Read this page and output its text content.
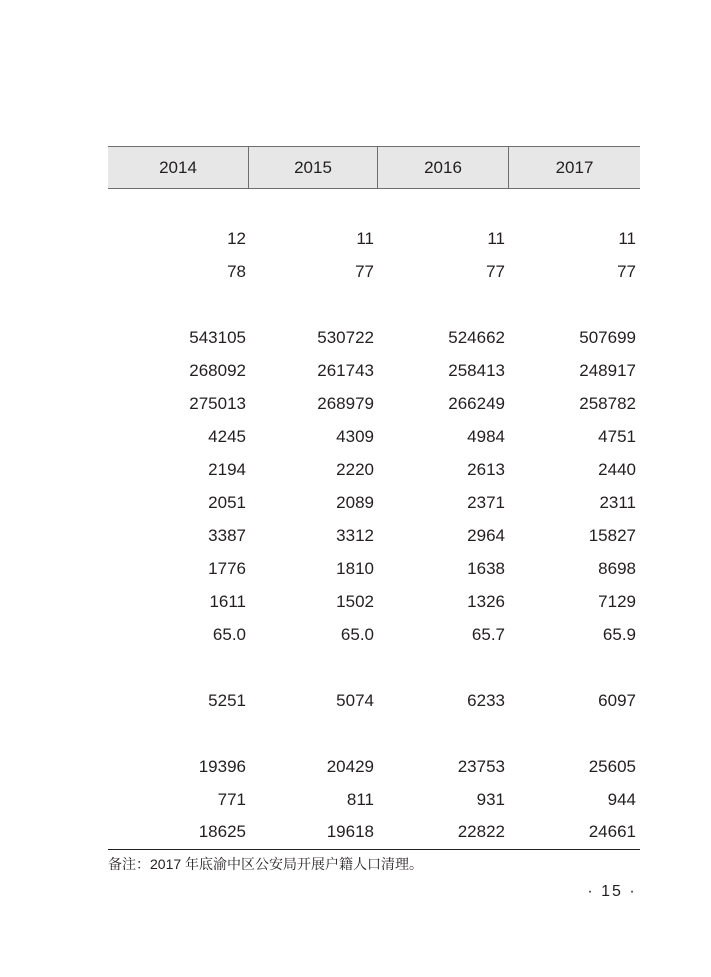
2014	2015	2016	2017
12	11	11	11
78	77	77	77
543105	530722	524662	507699
268092	261743	258413	248917
275013	268979	266249	258782
4245	4309	4984	4751
2194	2220	2613	2440
2051	2089	2371	2311
3387	3312	2964	15827
1776	1810	1638	8698
1611	1502	1326	7129
65.0	65.0	65.7	65.9
5251	5074	6233	6097
19396	20429	23753	25605
771	811	931	944
18625	19618	22822	24661
备注：2017 年底渝中区公安局开展户籍人口清理。
· 15 ·
